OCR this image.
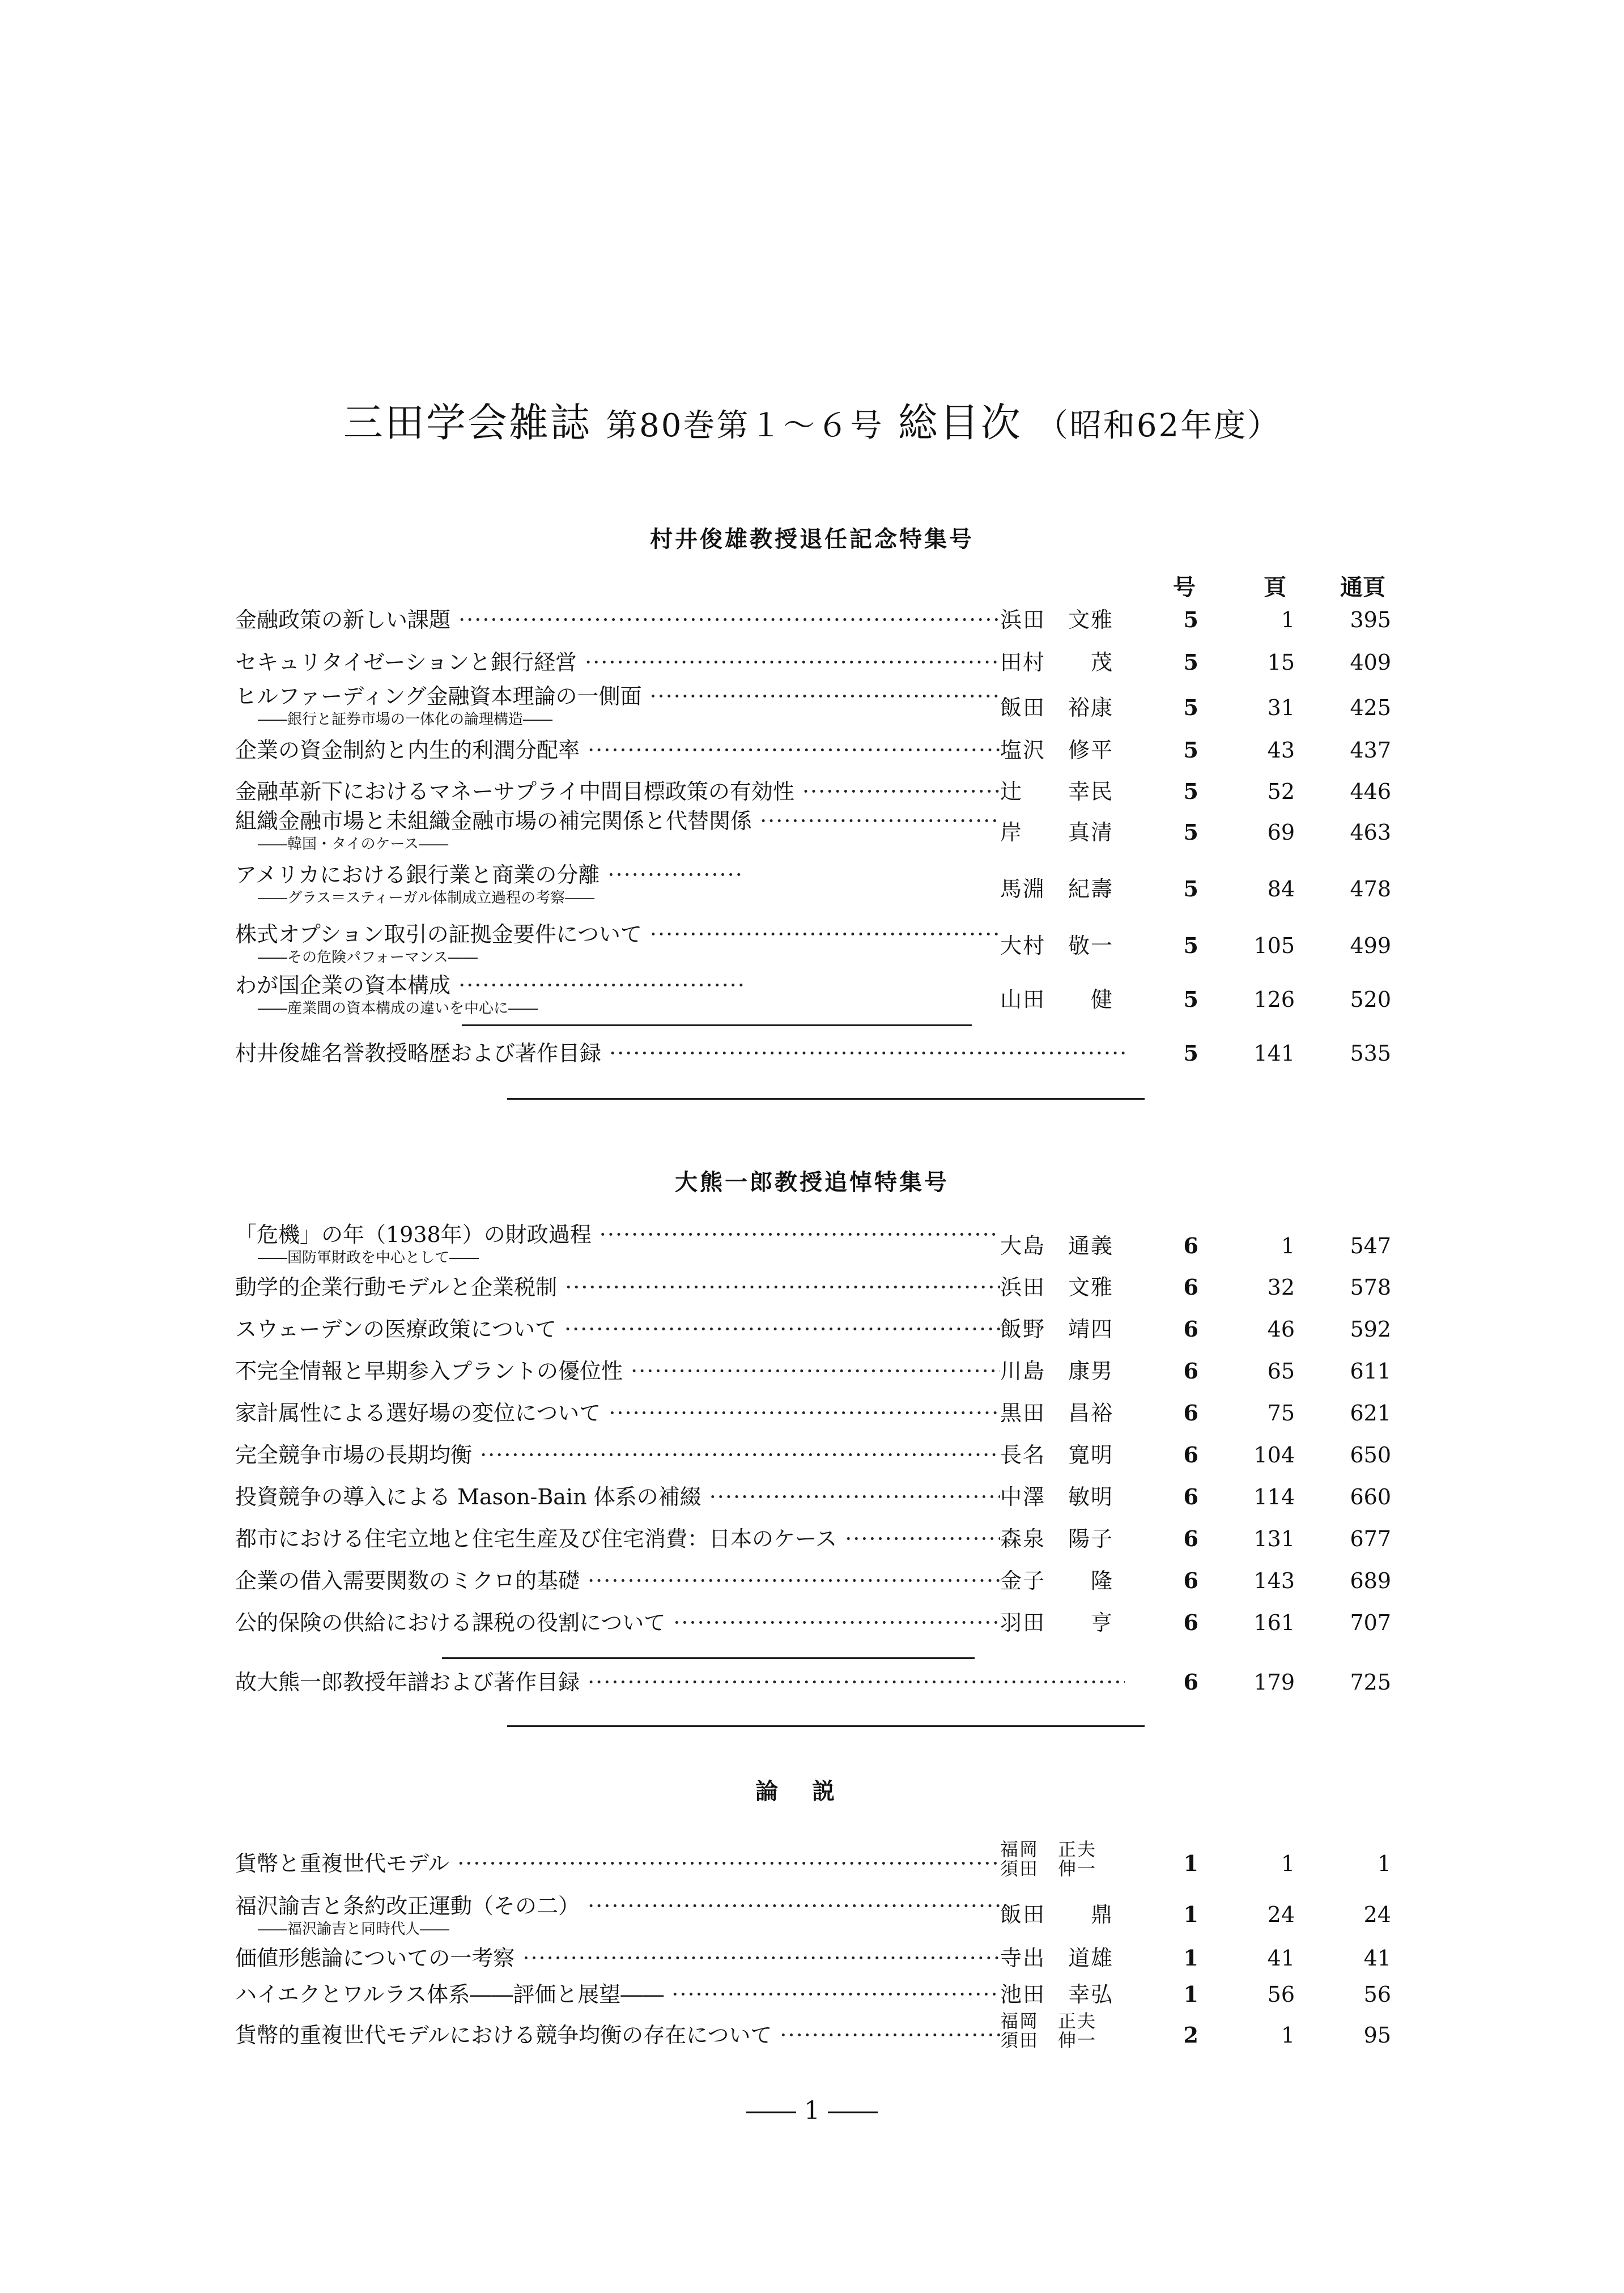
三田学会雑誌 第80巻第１～６号 総目次 （昭和62年度）
村井俊雄教授退任記念特集号
号	頁 通頁
金融政策の新しい課題 ·····	浜田　文雅	5	1	395
セキュリタイゼーションと銀行経営 ·····	田村　　茂	5	15	409
ヒルファーディング金融資本理論の一側面 ·····
――銀行と証券市場の一体化の論理構造――	飯田　裕康	5	31	425
企業の資金制約と内生的利潤分配率 ·····	塩沢　修平	5	43	437
金融革新下におけるマネーサプライ中間目標政策の有効性 ·····	辻　　幸民	5	52	446
組織金融市場と未組織金融市場の補完関係と代替関係 ·····
――韓国・タイのケース――	岸　　真清	5	69	463
アメリカにおける銀行業と商業の分離 ·····
――グラス＝スティーガル体制成立過程の考察――	馬淵　紀壽	5	84	478
株式オプション取引の証拠金要件について ·····
――その危険パフォーマンス――	大村　敬一	5	105	499
わが国企業の資本構成 ·····
――産業間の資本構成の違いを中心に――	山田　　健	5	126	520
村井俊雄名誉教授略歴および著作目録 ·····	5	141	535
大熊一郎教授追悼特集号
「危機」の年（1938年）の財政過程 ·····
――国防軍財政を中心として――	大島　通義	6	1	547
動学的企業行動モデルと企業税制 ·····	浜田　文雅	6	32	578
スウェーデンの医療政策について ·····	飯野　靖四	6	46	592
不完全情報と早期参入プラントの優位性 ·····	川島　康男	6	65	611
家計属性による選好場の変位について ·····	黒田　昌裕	6	75	621
完全競争市場の長期均衡 ·····	長名　寛明	6	104	650
投資競争の導入による Mason-Bain 体系の補綴 ·····	中澤　敏明	6	114	660
都市における住宅立地と住宅生産及び住宅消費：日本のケース ·····	森泉　陽子	6	131	677
企業の借入需要関数のミクロ的基礎 ·····	金子　　隆	6	143	689
公的保険の供給における課税の役割について ·····	羽田　　亨	6	161	707
故大熊一郎教授年譜および著作目録 ·····	6	179	725
論説
貨幣と重複世代モデル ·····
福岡　正夫
須田　伸一	1	1	1
福沢諭吉と条約改正運動（その二） ·····
――福沢諭吉と同時代人――
飯田　　鼎	1	24	24
価値形態論についての一考察 ·····	寺出　道雄	1	41	41
ハイエクとワルラス体系――評価と展望―― ·····	池田　幸弘	1	56	56
貨幣的重複世代モデルにおける競争均衡の存在について ·····
福岡　正夫
須田　伸一	2	1	95
―― 1 ――
